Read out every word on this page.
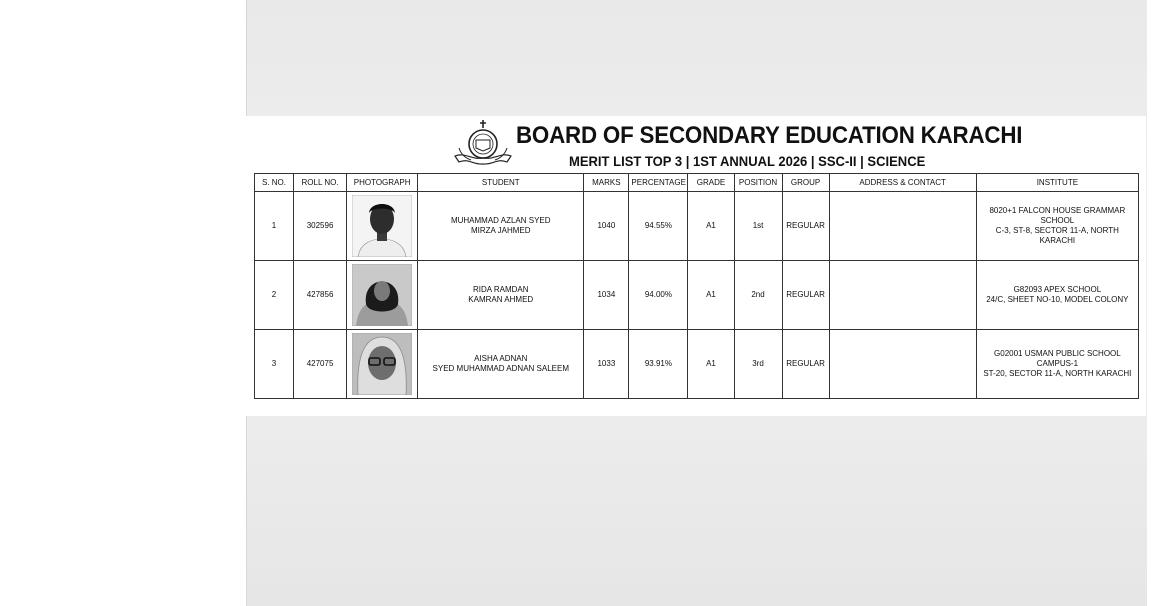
BOARD OF SECONDARY EDUCATION KARACHI
MERIT LIST TOP 3 | 1ST ANNUAL 2026 | SSC-II | SCIENCE
S. NO.	ROLL NO.	PHOTOGRAPH	STUDENT	MARKS	PERCENTAGE	GRADE	POSITION	GROUP	ADDRESS & CONTACT	INSTITUTE
1	302596		MUHAMMAD AZLAN SYED
MIRZA JAHMED	1040	94.55%	A1	1st	REGULAR		8020+1 FALCON HOUSE GRAMMAR SCHOOL
C-3, ST-8, SECTOR 11-A, NORTH KARACHI

2	427856		RIDA RAMDAN
KAMRAN AHMED	1034	94.00%	A1	2nd	REGULAR		G82093 APEX SCHOOL
24/C, SHEET NO-10, MODEL COLONY

3	427075		AISHA ADNAN
SYED MUHAMMAD ADNAN SALEEM	1033	93.91%	A1	3rd	REGULAR		G02001 USMAN PUBLIC SCHOOL CAMPUS-1
ST-20, SECTOR 11-A, NORTH KARACHI
